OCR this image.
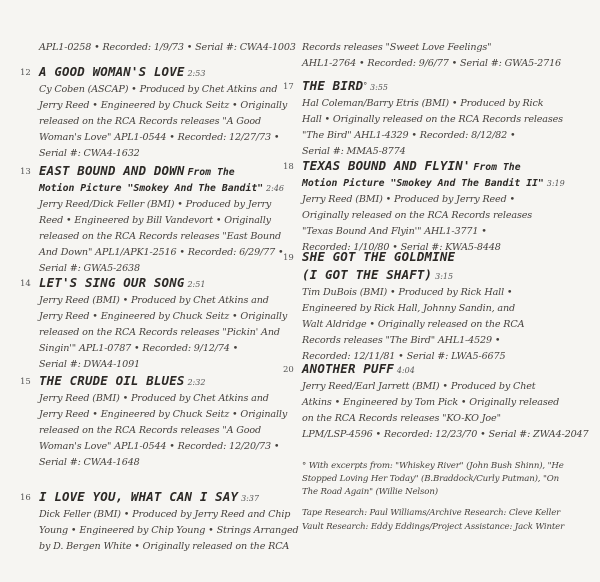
APL1-0258 • Recorded: 1/9/73 • Serial #: CWA4-1003
12 A GOOD WOMAN'S LOVE 2:53
Cy Coben (ASCAP) • Produced by Chet Atkins and
Jerry Reed • Engineered by Chuck Seitz • Originally
released on the RCA Records releases "A Good
Woman's Love" APL1-0544 • Recorded: 12/27/73 •
Serial #: CWA4-1632
13 EAST BOUND AND DOWN From The
Motion Picture "Smokey And The Bandit" 2:46
Jerry Reed/Dick Feller (BMI) • Produced by Jerry
Reed • Engineered by Bill Vandevort • Originally
released on the RCA Records releases "East Bound
And Down" APL1/APK1-2516 • Recorded: 6/29/77 •
Serial #: GWA5-2638
14 LET'S SING OUR SONG 2:51
Jerry Reed (BMI) • Produced by Chet Atkins and
Jerry Reed • Engineered by Chuck Seitz • Originally
released on the RCA Records releases "Pickin' And
Singin'" APL1-0787 • Recorded: 9/12/74 •
Serial #: DWA4-1091
15 THE CRUDE OIL BLUES 2:32
Jerry Reed (BMI) • Produced by Chet Atkins and
Jerry Reed • Engineered by Chuck Seitz • Originally
released on the RCA Records releases "A Good
Woman's Love" APL1-0544 • Recorded: 12/20/73 •
Serial #: CWA4-1648
16 I LOVE YOU, WHAT CAN I SAY 3:37
Dick Feller (BMI) • Produced by Jerry Reed and Chip
Young • Engineered by Chip Young • Strings Arranged
by D. Bergen White • Originally released on the RCA
Records releases "Sweet Love Feelings"
AHL1-2764 • Recorded: 9/6/77 • Serial #: GWA5-2716
17 THE BIRD° 3:55
Hal Coleman/Barry Etris (BMI) • Produced by Rick
Hall • Originally released on the RCA Records releases
"The Bird" AHL1-4329 • Recorded: 8/12/82 •
Serial #: MMA5-8774
18 TEXAS BOUND AND FLYIN' From The
Motion Picture "Smokey And The Bandit II" 3:19
Jerry Reed (BMI) • Produced by Jerry Reed •
Originally released on the RCA Records releases
"Texas Bound And Flyin'" AHL1-3771 •
Recorded: 1/10/80 • Serial #: KWA5-8448
19 SHE GOT THE GOLDMINE
(I GOT THE SHAFT) 3:15
Tim DuBois (BMI) • Produced by Rick Hall •
Engineered by Rick Hall, Johnny Sandin, and
Walt Aldridge • Originally released on the RCA
Records releases "The Bird" AHL1-4529 •
Recorded: 12/11/81 • Serial #: LWA5-6675
20 ANOTHER PUFF 4:04
Jerry Reed/Earl Jarrett (BMI) • Produced by Chet
Atkins • Engineered by Tom Pick • Originally released
on the RCA Records releases "KO-KO Joe"
LPM/LSP-4596 • Recorded: 12/23/70 • Serial #: ZWA4-2047
° With excerpts from: "Whiskey River" (John Bush Shinn), "He
Stopped Loving Her Today" (B.Braddock/Curly Putman), "On
The Road Again" (Willie Nelson)
Tape Research: Paul Williams/Archive Research: Cleve Keller
Vault Research: Eddy Eddings/Project Assistance: Jack Winter
